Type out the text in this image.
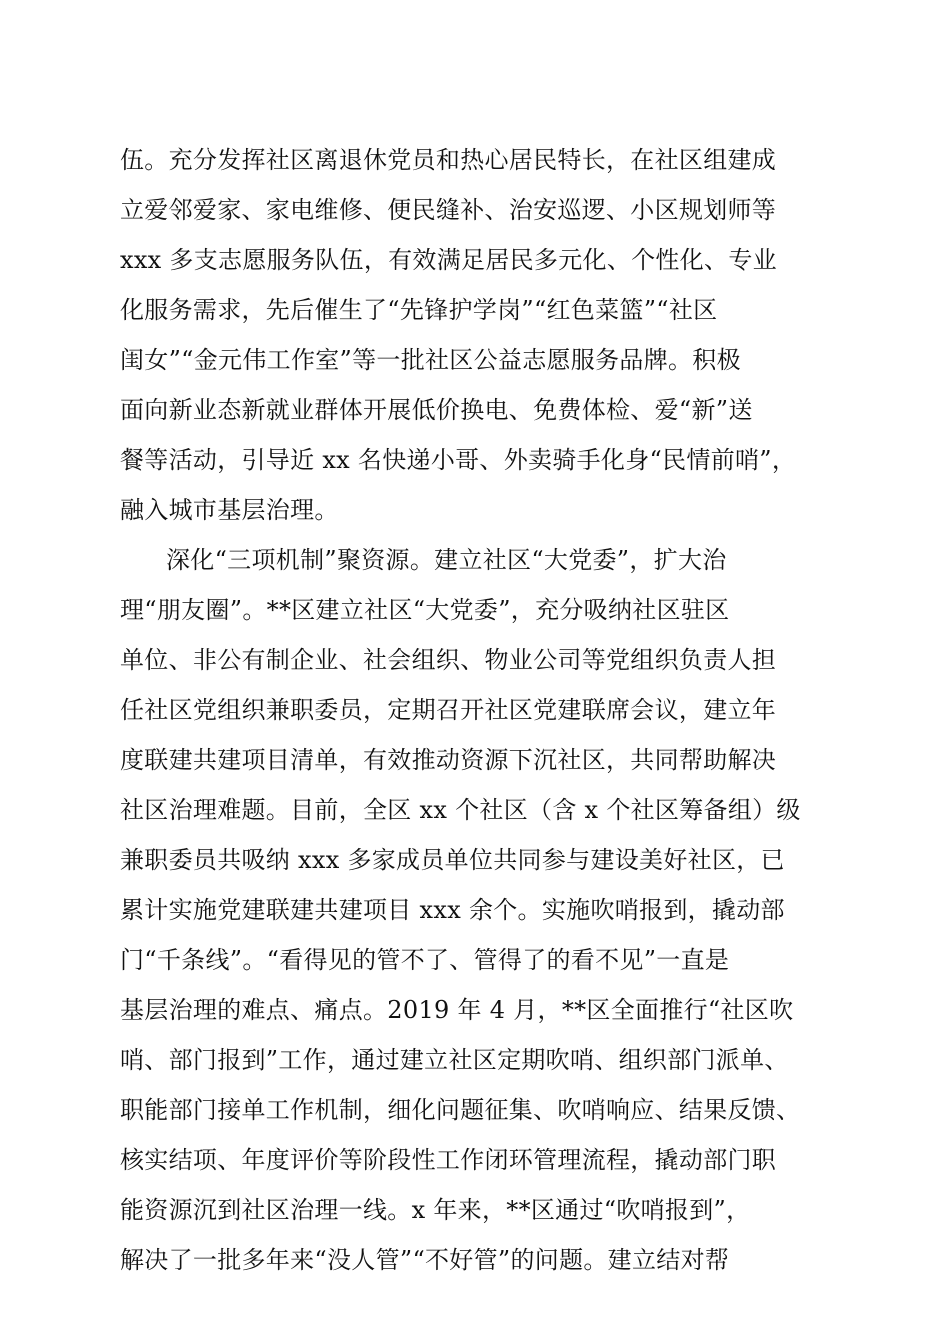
伍。充分发挥社区离退休党员和热心居民特长，在社区组建成
立爱邻爱家、家电维修、便民缝补、治安巡逻、小区规划师等
xxx 多支志愿服务队伍，有效满足居民多元化、个性化、专业
化服务需求，先后催生了“先锋护学岗”“红色菜篮”“社区
闺女”“金元伟工作室”等一批社区公益志愿服务品牌。积极
面向新业态新就业群体开展低价换电、免费体检、爱“新”送
餐等活动，引导近 xx 名快递小哥、外卖骑手化身“民情前哨”，
融入城市基层治理。
深化“三项机制”聚资源。建立社区“大党委”，扩大治
理“朋友圈”。**区建立社区“大党委”，充分吸纳社区驻区
单位、非公有制企业、社会组织、物业公司等党组织负责人担
任社区党组织兼职委员，定期召开社区党建联席会议，建立年
度联建共建项目清单，有效推动资源下沉社区，共同帮助解决
社区治理难题。目前，全区 xx 个社区（含 x 个社区筹备组）级
兼职委员共吸纳 xxx 多家成员单位共同参与建设美好社区，已
累计实施党建联建共建项目 xxx 余个。实施吹哨报到，撬动部
门“千条线”。“看得见的管不了、管得了的看不见”一直是
基层治理的难点、痛点。2019 年 4 月，**区全面推行“社区吹
哨、部门报到”工作，通过建立社区定期吹哨、组织部门派单、
职能部门接单工作机制，细化问题征集、吹哨响应、结果反馈、
核实结项、年度评价等阶段性工作闭环管理流程，撬动部门职
能资源沉到社区治理一线。x 年来，**区通过“吹哨报到”，
解决了一批多年来“没人管”“不好管”的问题。建立结对帮
